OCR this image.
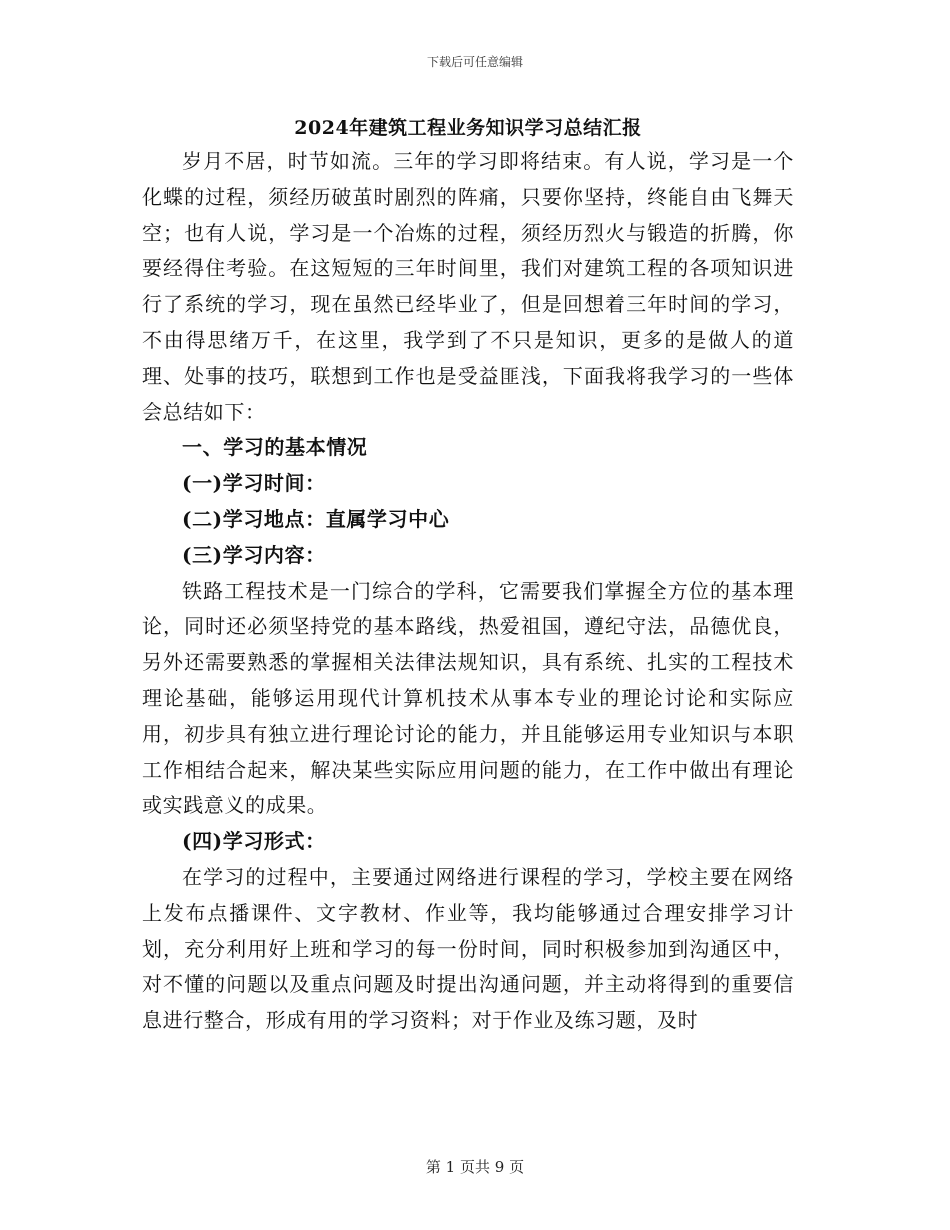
下载后可任意编辑
2024年建筑工程业务知识学习总结汇报

岁月不居，时节如流。三年的学习即将结束。有人说，学习是一个化蝶的过程，须经历破茧时剧烈的阵痛，只要你坚持，终能自由飞舞天空；也有人说，学习是一个冶炼的过程，须经历烈火与锻造的折腾，你要经得住考验。在这短短的三年时间里，我们对建筑工程的各项知识进行了系统的学习，现在虽然已经毕业了，但是回想着三年时间的学习，不由得思绪万千，在这里，我学到了不只是知识，更多的是做人的道理、处事的技巧，联想到工作也是受益匪浅，下面我将我学习的一些体会总结如下：

一、学习的基本情况

(一)学习时间：

(二)学习地点：直属学习中心

(三)学习内容：

铁路工程技术是一门综合的学科，它需要我们掌握全方位的基本理论，同时还必须坚持党的基本路线，热爱祖国，遵纪守法，品德优良，另外还需要熟悉的掌握相关法律法规知识，具有系统、扎实的工程技术理论基础，能够运用现代计算机技术从事本专业的理论讨论和实际应用，初步具有独立进行理论讨论的能力，并且能够运用专业知识与本职工作相结合起来，解决某些实际应用问题的能力，在工作中做出有理论或实践意义的成果。

(四)学习形式：

在学习的过程中，主要通过网络进行课程的学习，学校主要在网络上发布点播课件、文字教材、作业等，我均能够通过合理安排学习计划，充分利用好上班和学习的每一份时间，同时积极参加到沟通区中，对不懂的问题以及重点问题及时提出沟通问题，并主动将得到的重要信息进行整合，形成有用的学习资料；对于作业及练习题，及时

第 1 页共 9 页
